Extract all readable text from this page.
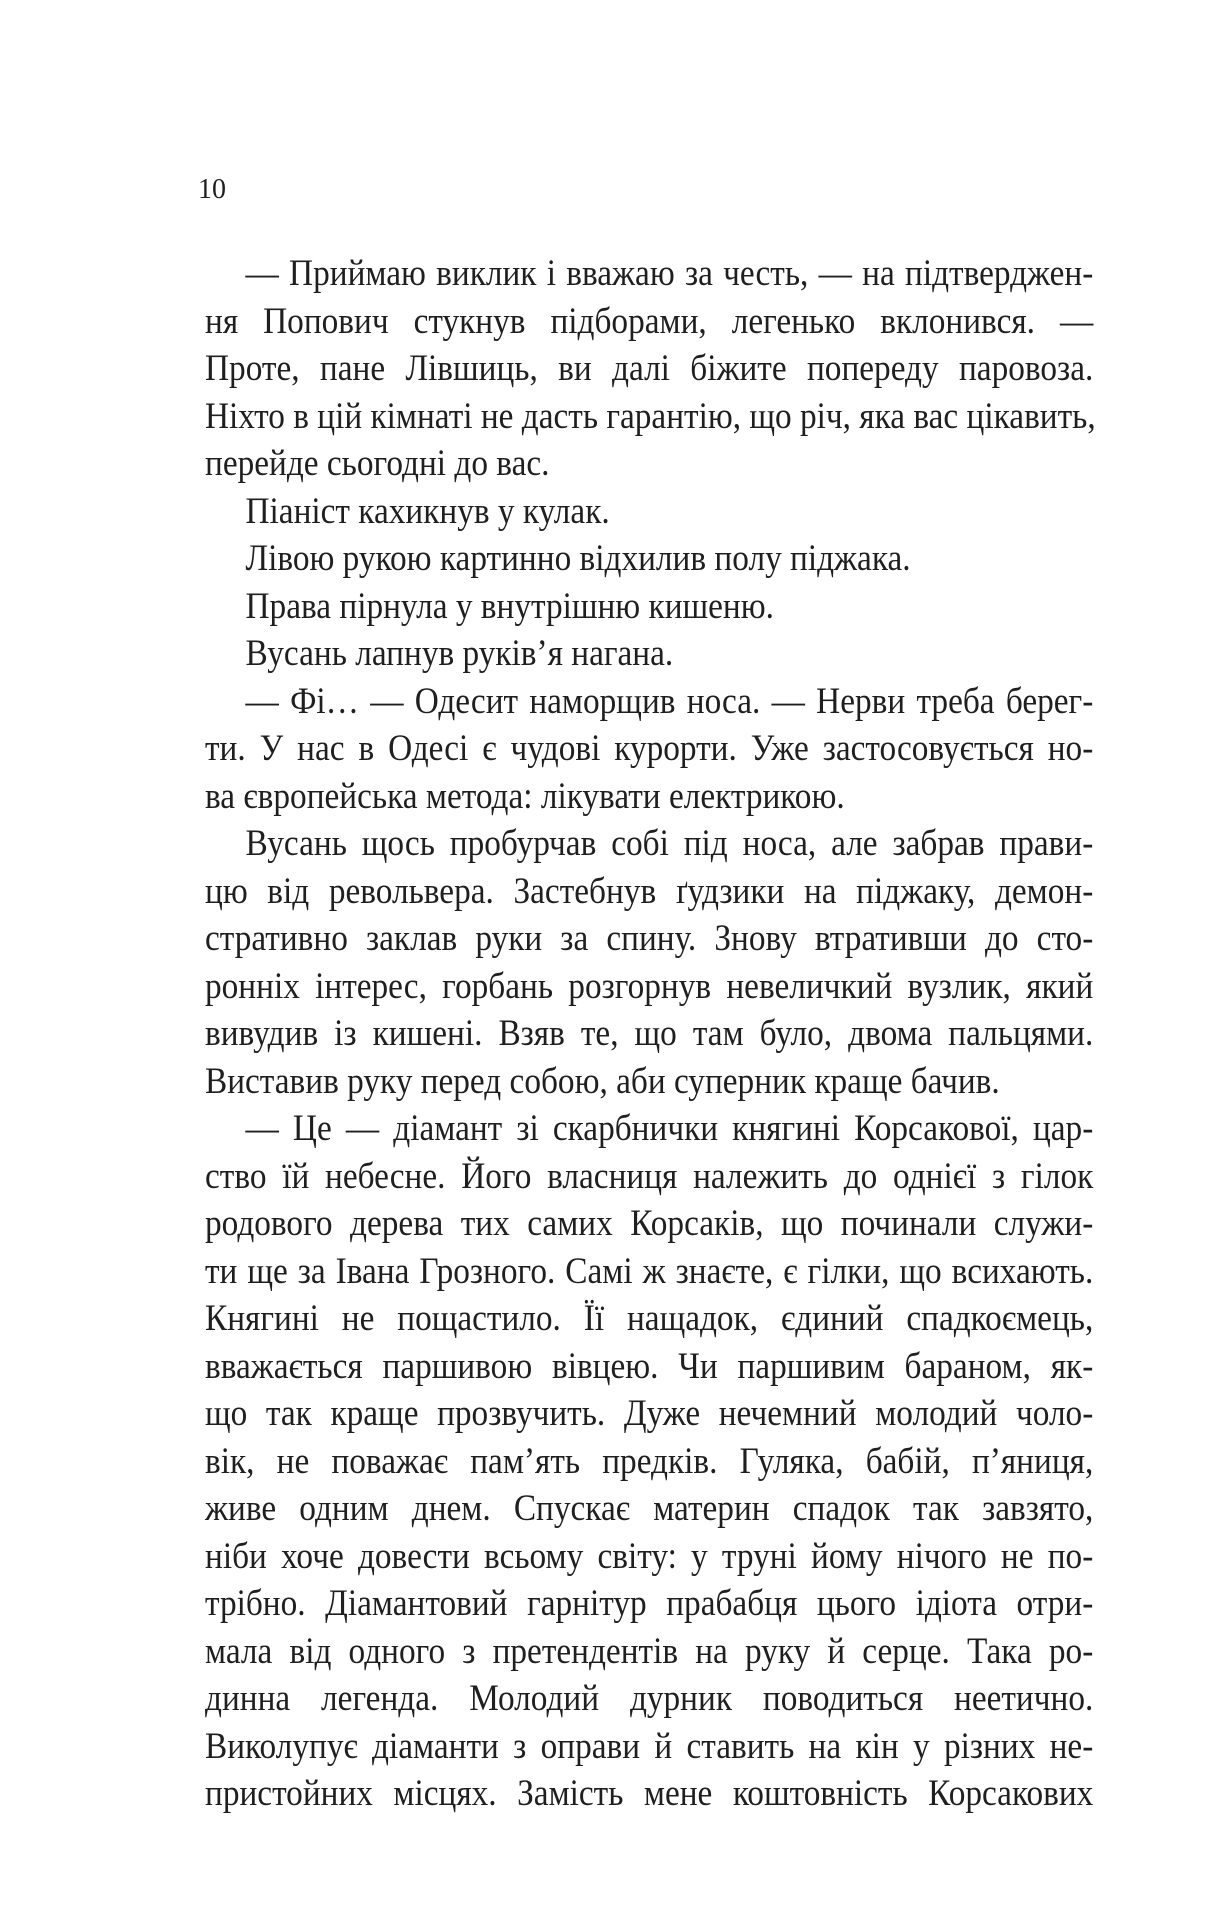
10
— Приймаю виклик і вважаю за честь, — на підтверджен-
ня Попович стукнув підборами, легенько вклонився. —
Проте, пане Лівшиць, ви далі біжите попереду паровоза.
Ніхто в цій кімнаті не дасть гарантію, що річ, яка вас цікавить,
перейде сьогодні до вас.
Піаніст кахикнув у кулак.
Лівою рукою картинно відхилив полу піджака.
Права пірнула у внутрішню кишеню.
Вусань лапнув руків’я нагана.
— Фі… — Одесит наморщив носа. — Нерви треба берег-
ти. У нас в Одесі є чудові курорти. Уже застосовується но-
ва європейська метода: лікувати електрикою.
Вусань щось пробурчав собі під носа, але забрав прави-
цю від револьвера. Застебнув ґудзики на піджаку, демон-
стративно заклав руки за спину. Знову втративши до сто-
ронніх інтерес, горбань розгорнув невеличкий вузлик, який
вивудив із кишені. Взяв те, що там було, двома пальцями.
Виставив руку перед собою, аби суперник краще бачив.
— Це — діамант зі скарбнички княгині Корсакової, цар-
ство їй небесне. Його власниця належить до однієї з гілок
родового дерева тих самих Корсаків, що починали служи-
ти ще за Івана Грозного. Самі ж знаєте, є гілки, що всихають.
Княгині не пощастило. Її нащадок, єдиний спадкоємець,
вважається паршивою вівцею. Чи паршивим бараном, як-
що так краще прозвучить. Дуже нечемний молодий чоло-
вік, не поважає пам’ять предків. Гуляка, бабій, п’яниця,
живе одним днем. Спускає материн спадок так завзято,
ніби хоче довести всьому світу: у труні йому нічого не по-
трібно. Діамантовий гарнітур прабабця цього ідіота отри-
мала від одного з претендентів на руку й серце. Така ро-
динна легенда. Молодий дурник поводиться неетично.
Виколупує діаманти з оправи й ставить на кін у різних не-
пристойних місцях. Замість мене коштовність Корсакових
